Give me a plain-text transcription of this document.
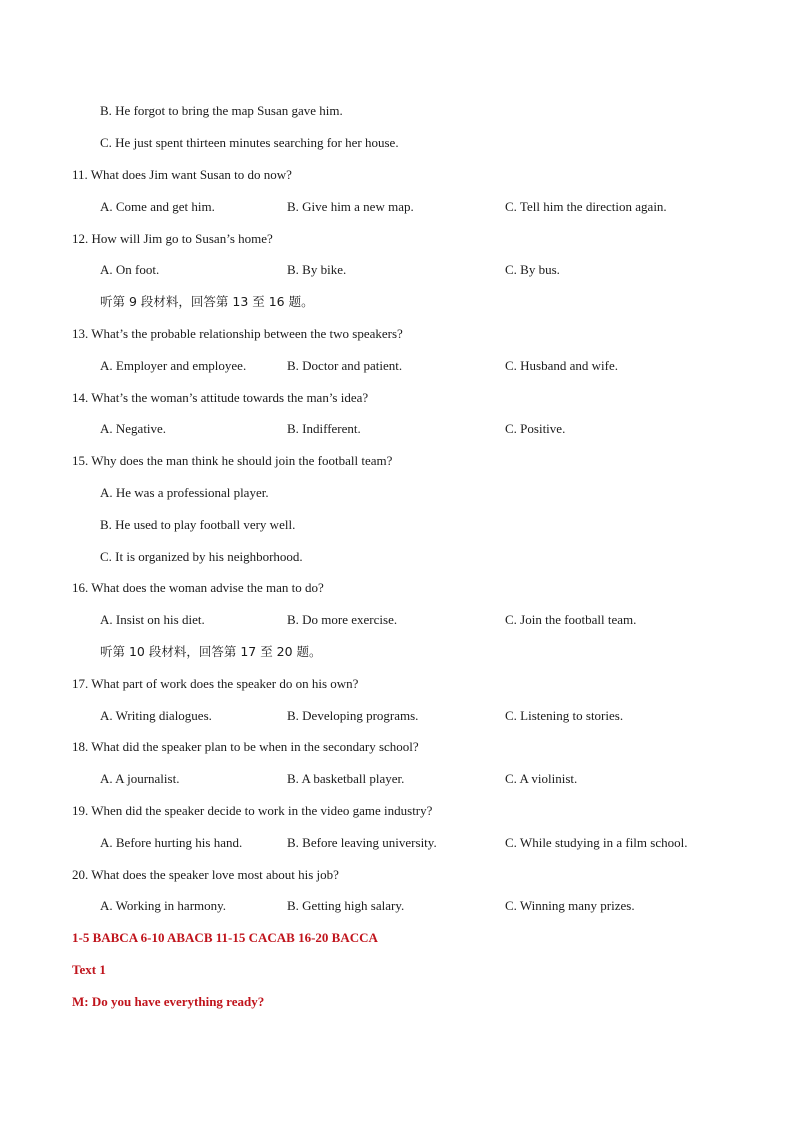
B. He forgot to bring the map Susan gave him.
C. He just spent thirteen minutes searching for her house.
11. What does Jim want Susan to do now?
A. Come and get him.	B. Give him a new map.	C. Tell him the direction again.
12. How will Jim go to Susan’s home?
A. On foot.	B. By bike.	C. By bus.
听第 9 段材料，回答第 13 至 16 题。
13. What’s the probable relationship between the two speakers?
A. Employer and employee.	B. Doctor and patient.	C. Husband and wife.
14. What’s the woman’s attitude towards the man’s idea?
A. Negative.	B. Indifferent.	C. Positive.
15. Why does the man think he should join the football team?
A. He was a professional player.
B. He used to play football very well.
C. It is organized by his neighborhood.
16. What does the woman advise the man to do?
A. Insist on his diet.	B. Do more exercise.	C. Join the football team.
听第 10 段材料，回答第 17 至 20 题。
17. What part of work does the speaker do on his own?
A. Writing dialogues.	B. Developing programs.	C. Listening to stories.
18. What did the speaker plan to be when in the secondary school?
A. A journalist.	B. A basketball player.	C. A violinist.
19. When did the speaker decide to work in the video game industry?
A. Before hurting his hand.	B. Before leaving university.	C. While studying in a film school.
20. What does the speaker love most about his job?
A. Working in harmony.	B. Getting high salary.	C. Winning many prizes.
1-5 BABCA 6-10 ABACB 11-15 CACAB 16-20 BACCA
Text 1
M: Do you have everything ready?
